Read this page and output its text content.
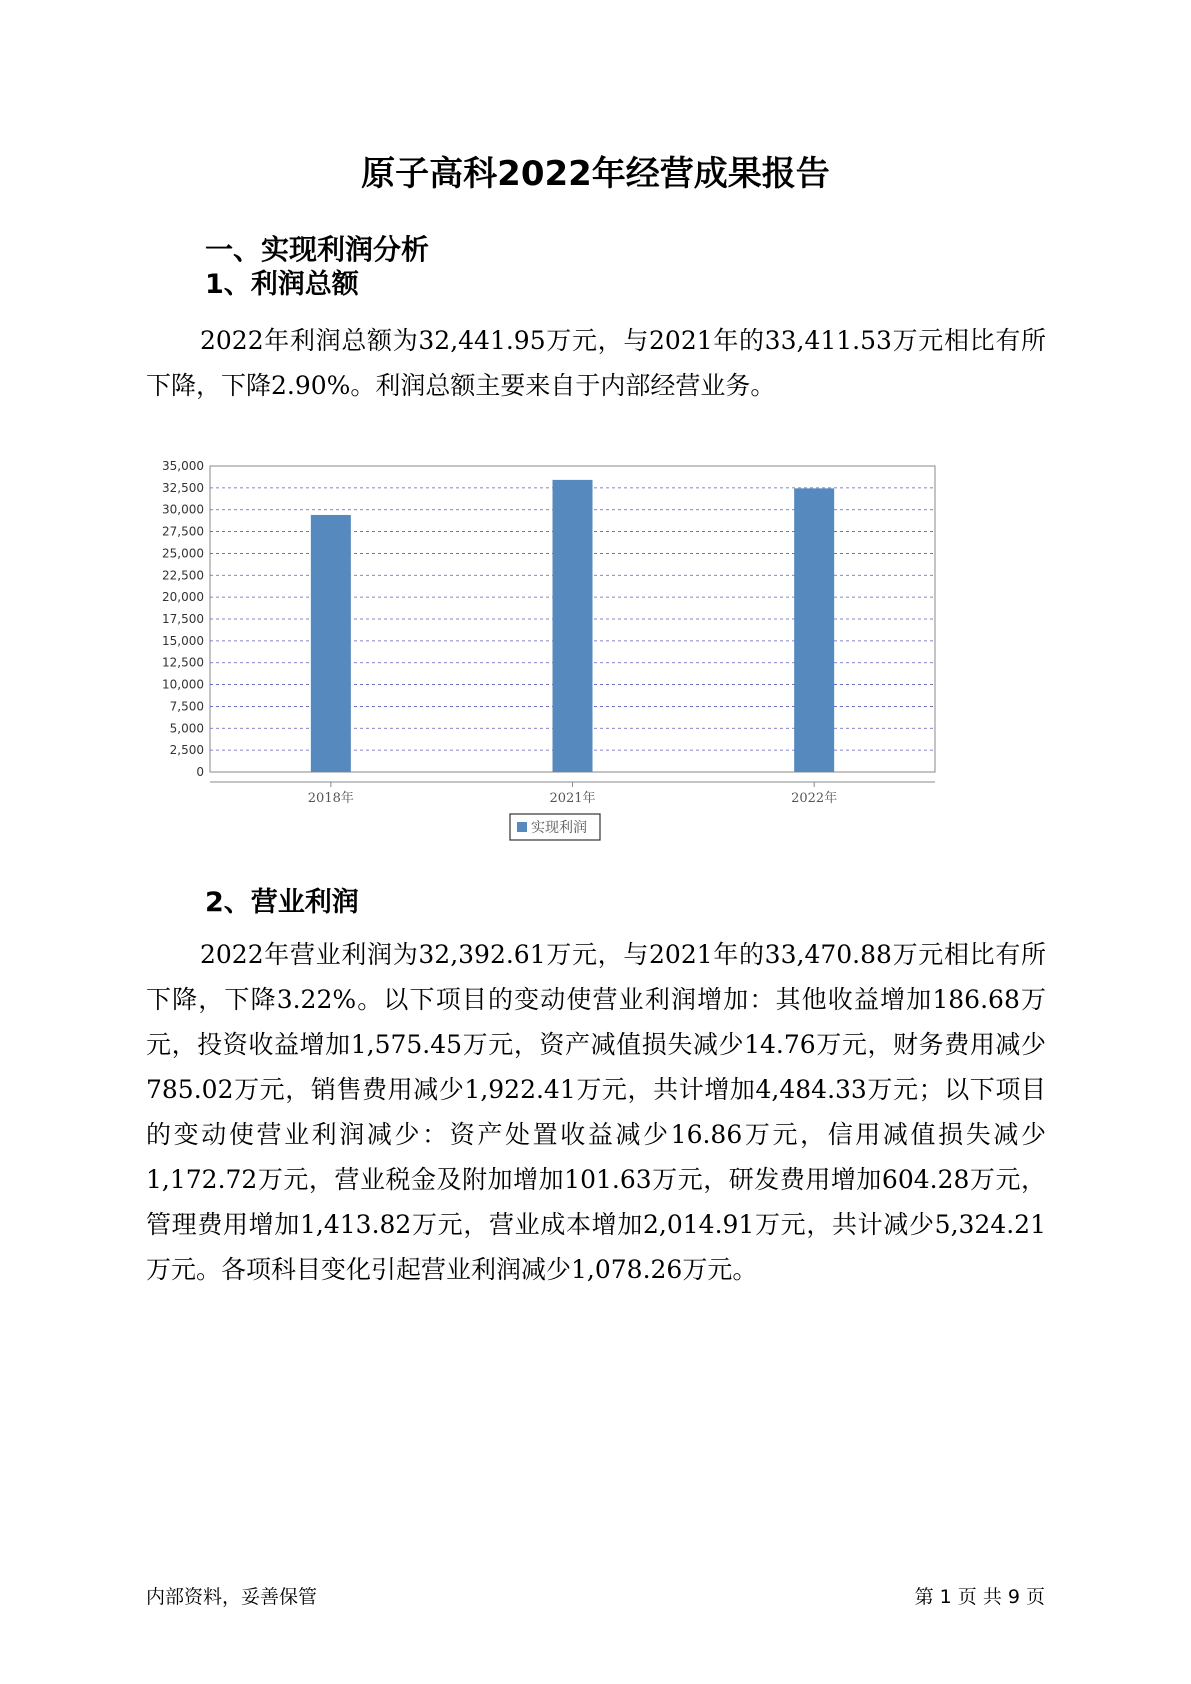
原子高科2022年经营成果报告
一、实现利润分析
1、利润总额
2022年利润总额为32,441.95万元，与2021年的33,411.53万元相比有所下降，下降2.90%。利润总额主要来自于内部经营业务。
0
2,500
5,000
7,500
10,000
12,500
15,000
17,500
20,000
22,500
25,000
27,500
30,000
32,500
35,000
2018年	2021年	2022年
实现利润
2、营业利润
2022年营业利润为32,392.61万元，与2021年的33,470.88万元相比有所下降，下降3.22%。以下项目的变动使营业利润增加：其他收益增加186.68万元，投资收益增加1,575.45万元，资产减值损失减少14.76万元，财务费用减少785.02万元，销售费用减少1,922.41万元，共计增加4,484.33万元；以下项目的变动使营业利润减少：资产处置收益减少16.86万元，信用减值损失减少1,172.72万元，营业税金及附加增加101.63万元，研发费用增加604.28万元，管理费用增加1,413.82万元，营业成本增加2,014.91万元，共计减少5,324.21万元。各项科目变化引起营业利润减少1,078.26万元。
内部资料，妥善保管	第 1 页 共 9 页
